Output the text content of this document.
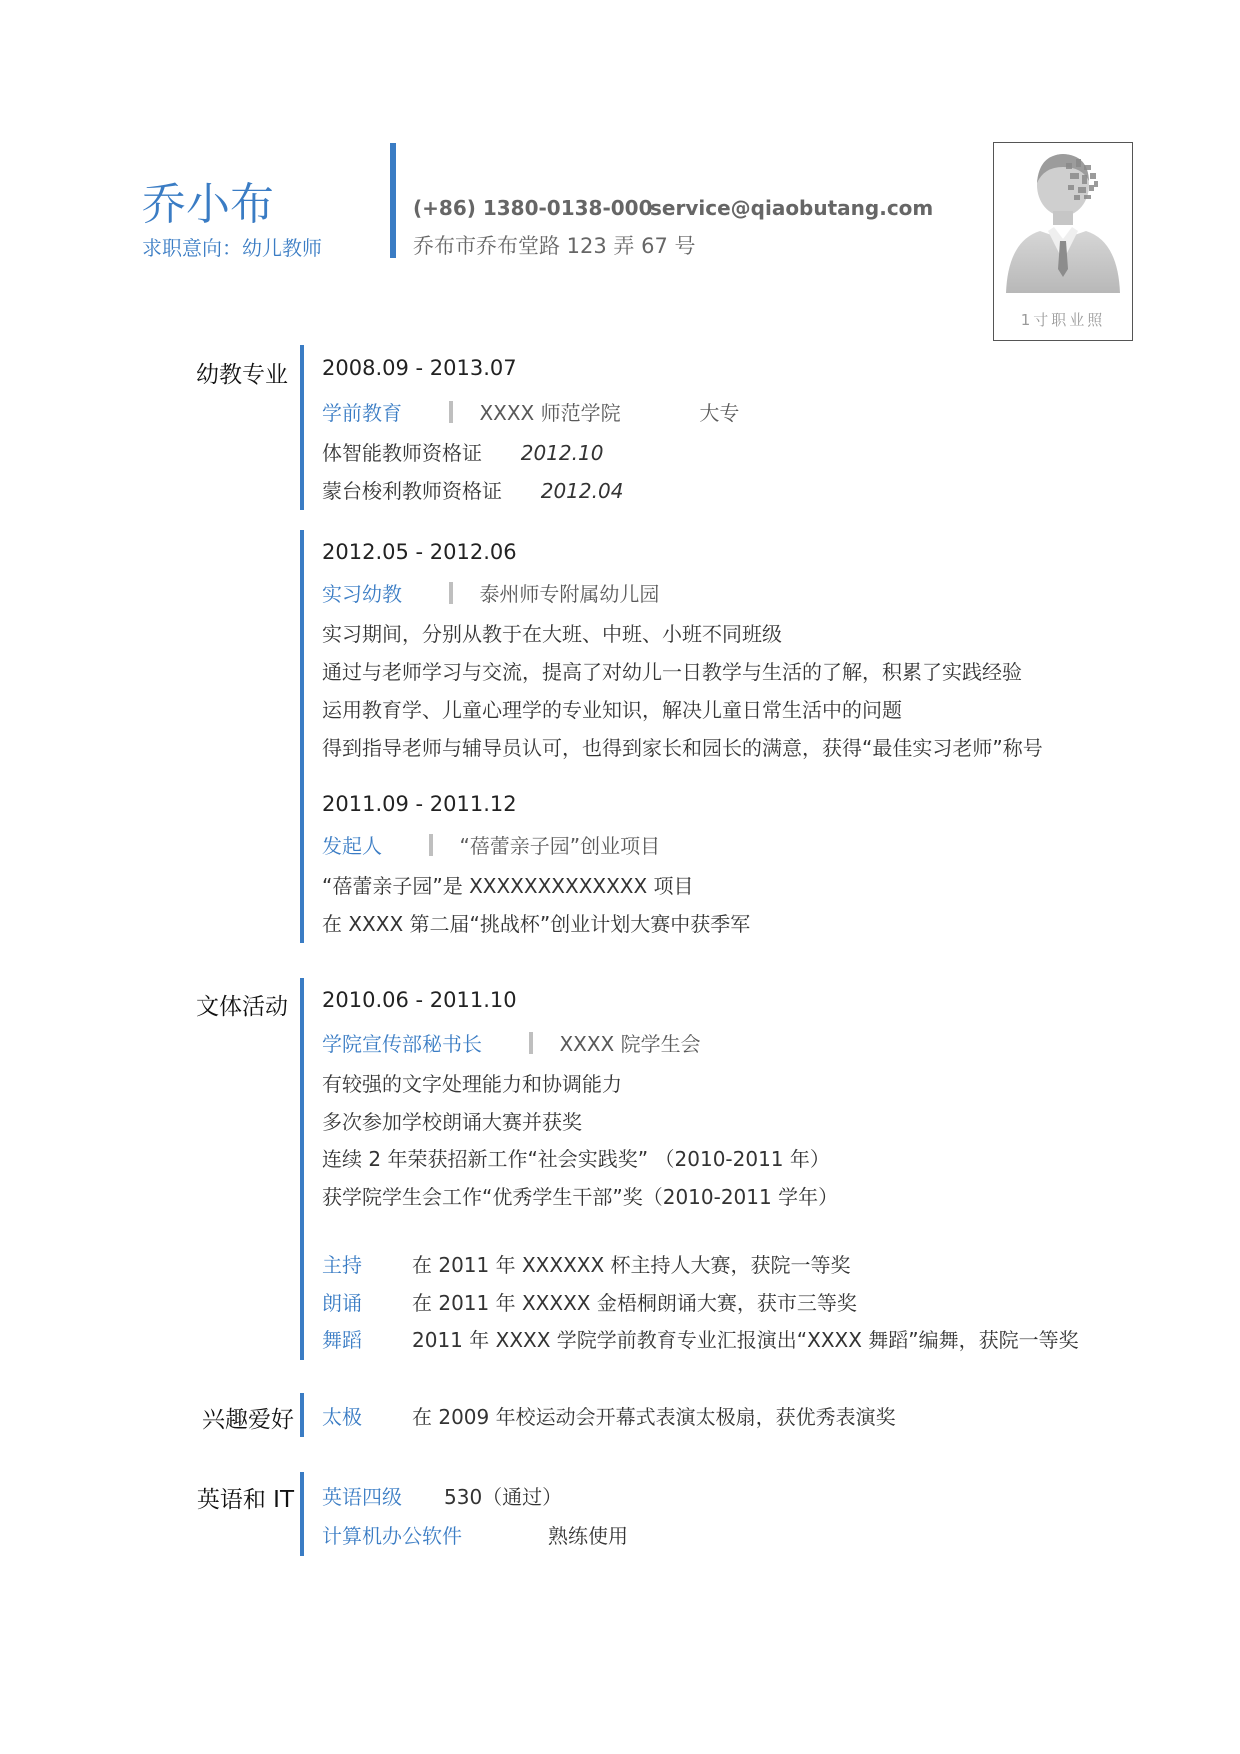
乔小布
求职意向：幼儿教师
(+86) 1380-0138-000
service@qiaobutang.com
乔布市乔布堂路 123 弄 67 号
1寸职业照
幼教专业 2008.09 - 2013.07
学前教育	XXXX 师范学院	大专
体智能教师资格证 2012.10
蒙台梭利教师资格证 2012.04
2012.05 - 2012.06
实习幼教	泰州师专附属幼儿园
实习期间，分别从教于在大班、中班、小班不同班级
通过与老师学习与交流，提高了对幼儿一日教学与生活的了解，积累了实践经验
运用教育学、儿童心理学的专业知识，解决儿童日常生活中的问题
得到指导老师与辅导员认可，也得到家长和园长的满意，获得“最佳实习老师”称号
2011.09 - 2011.12
发起人	“蓓蕾亲子园”创业项目
“蓓蕾亲子园”是 XXXXXXXXXXXXX 项目
在 XXXX 第二届“挑战杯”创业计划大赛中获季军
文体活动 2010.06 - 2011.10
学院宣传部秘书长	XXXX 院学生会
有较强的文字处理能力和协调能力
多次参加学校朗诵大赛并获奖
连续 2 年荣获招新工作“社会实践奖” （2010-2011 年）
获学院学生会工作“优秀学生干部”奖（2010-2011 学年）
主持	在 2011 年 XXXXXX 杯主持人大赛，获院一等奖
朗诵	在 2011 年 XXXXX 金梧桐朗诵大赛，获市三等奖
舞蹈	2011 年 XXXX 学院学前教育专业汇报演出“XXXX 舞蹈”编舞，获院一等奖
兴趣爱好 太极	在 2009 年校运动会开幕式表演太极扇，获优秀表演奖
英语和 IT 英语四级 530（通过）
计算机办公软件	熟练使用
